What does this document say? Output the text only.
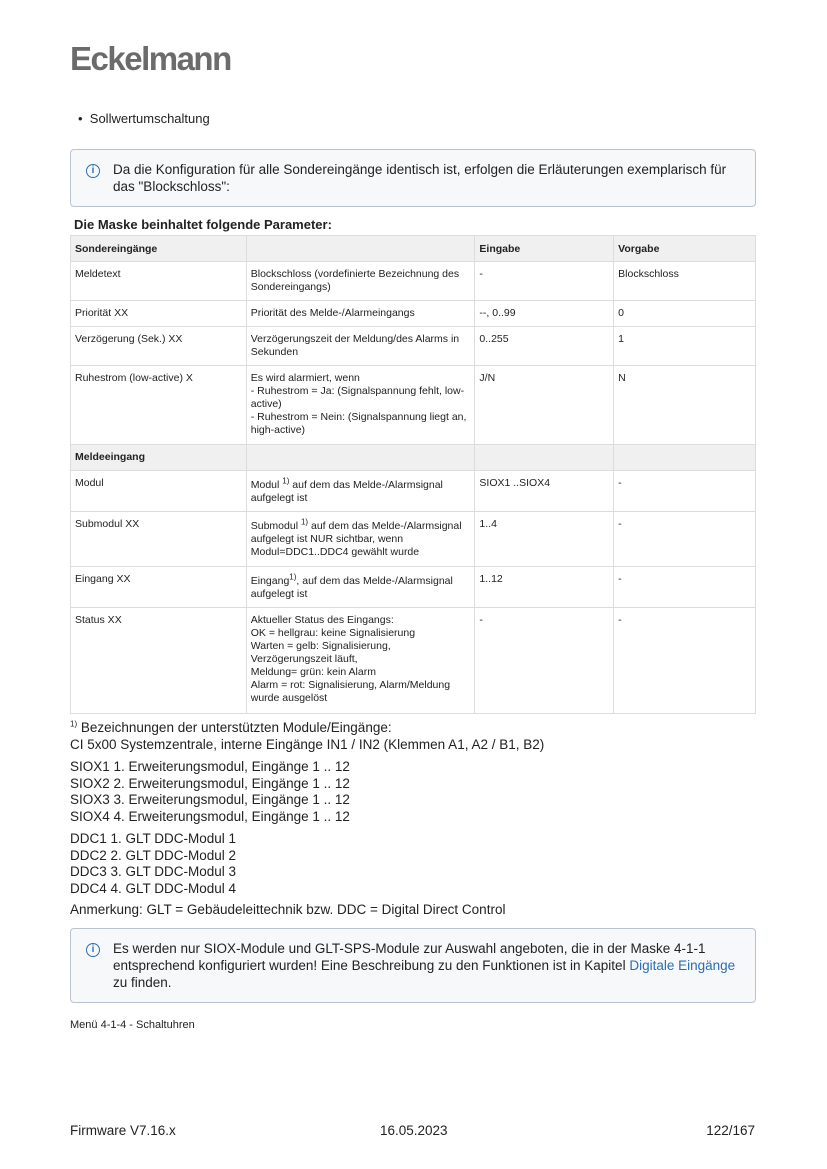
Eckelmann
•  Sollwertumschaltung
i	Da die Konfiguration für alle Sondereingänge identisch ist, erfolgen die Erläuterungen exemplarisch für das "Blockschloss":
Die Maske beinhaltet folgende Parameter:
Sondereingänge		Eingabe	Vorgabe
Meldetext	Blockschloss (vordefinierte Bezeichnung des Sondereingangs)	-	Blockschloss
Priorität XX	Priorität des Melde-/Alarmeingangs	--, 0..99	0
Verzögerung (Sek.) XX	Verzögerungszeit der Meldung/des Alarms in Sekunden	0..255	1
Ruhestrom (low-active) X	Es wird alarmiert, wenn
- Ruhestrom = Ja: (Signalspannung fehlt, low-active)
- Ruhestrom = Nein: (Signalspannung liegt an, high-active)	J/N	N
Meldeeingang			
Modul	Modul $^{1)}$ auf dem das Melde-/Alarmsignal aufgelegt ist	SIOX1 ..SIOX4	-
Submodul XX	Submodul $^{1)}$ auf dem das Melde-/Alarmsignal aufgelegt ist NUR sichtbar, wenn Modul=DDC1..DDC4 gewählt wurde	1..4	-
Eingang XX	Eingang$^{1)}$, auf dem das Melde-/Alarmsignal aufgelegt ist	1..12	-
Status XX	Aktueller Status des Eingangs:
OK = hellgrau: keine Signalisierung
Warten = gelb: Signalisierung, Verzögerungszeit läuft,
Meldung= grün: kein Alarm
Alarm = rot: Signalisierung, Alarm/Meldung wurde ausgelöst	-	-
$^{1)}$ Bezeichnungen der unterstützten Module/Eingänge:
CI 5x00 Systemzentrale, interne Eingänge IN1 / IN2 (Klemmen A1, A2 / B1, B2)
SIOX1 1. Erweiterungsmodul, Eingänge 1 .. 12
SIOX2 2. Erweiterungsmodul, Eingänge 1 .. 12
SIOX3 3. Erweiterungsmodul, Eingänge 1 .. 12
SIOX4 4. Erweiterungsmodul, Eingänge 1 .. 12
DDC1 1. GLT DDC-Modul 1
DDC2 2. GLT DDC-Modul 2
DDC3 3. GLT DDC-Modul 3
DDC4 4. GLT DDC-Modul 4
Anmerkung: GLT = Gebäudeleittechnik bzw. DDC = Digital Direct Control
i	Es werden nur SIOX-Module und GLT-SPS-Module zur Auswahl angeboten, die in der Maske 4-1-1 entsprechend konfiguriert wurden! Eine Beschreibung zu den Funktionen ist in Kapitel Digitale Eingänge zu finden.
Menü 4-1-4 - Schaltuhren
Firmware V7.16.x	16.05.2023	122/167
